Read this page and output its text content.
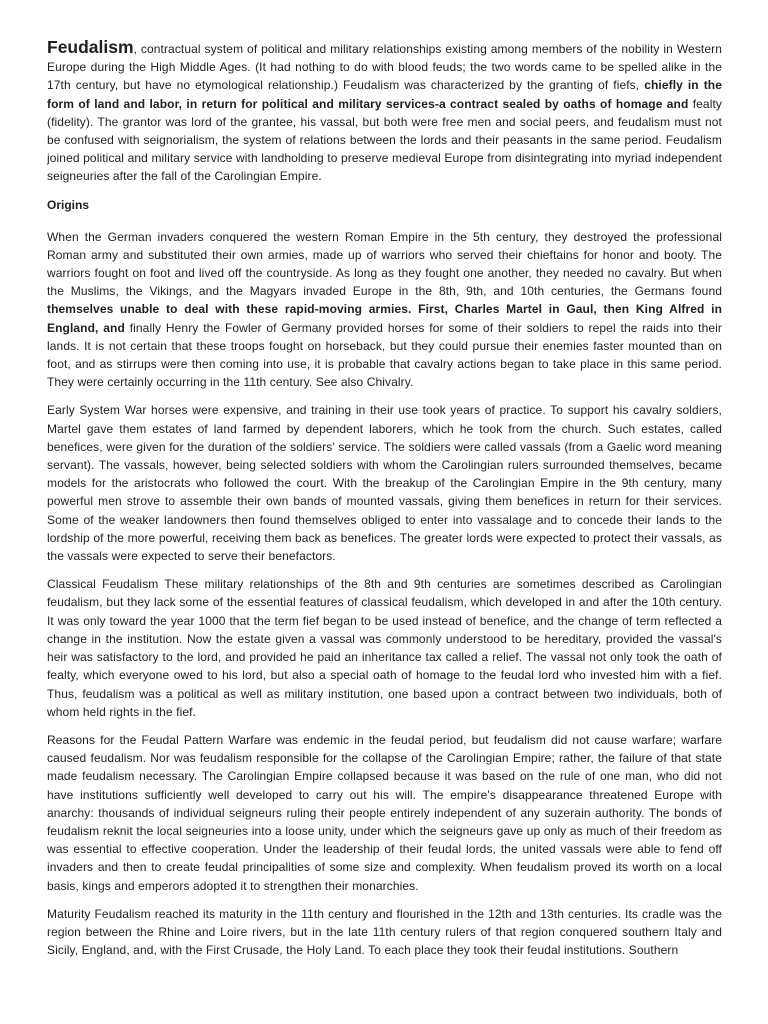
Feudalism, contractual system of political and military relationships existing among members of the nobility in Western Europe during the High Middle Ages. (It had nothing to do with blood feuds; the two words came to be spelled alike in the 17th century, but have no etymological relationship.) Feudalism was characterized by the granting of fiefs, chiefly in the form of land and labor, in return for political and military services-a contract sealed by oaths of homage and fealty (fidelity). The grantor was lord of the grantee, his vassal, but both were free men and social peers, and feudalism must not be confused with seignorialism, the system of relations between the lords and their peasants in the same period. Feudalism joined political and military service with landholding to preserve medieval Europe from disintegrating into myriad independent seigneuries after the fall of the Carolingian Empire.

Origins

When the German invaders conquered the western Roman Empire in the 5th century, they destroyed the professional Roman army and substituted their own armies, made up of warriors who served their chieftains for honor and booty. The warriors fought on foot and lived off the countryside. As long as they fought one another, they needed no cavalry. But when the Muslims, the Vikings, and the Magyars invaded Europe in the 8th, 9th, and 10th centuries, the Germans found themselves unable to deal with these rapid-moving armies. First, Charles Martel in Gaul, then King Alfred in England, and finally Henry the Fowler of Germany provided horses for some of their soldiers to repel the raids into their lands. It is not certain that these troops fought on horseback, but they could pursue their enemies faster mounted than on foot, and as stirrups were then coming into use, it is probable that cavalry actions began to take place in this same period. They were certainly occurring in the 11th century. See also Chivalry.

Early System War horses were expensive, and training in their use took years of practice. To support his cavalry soldiers, Martel gave them estates of land farmed by dependent laborers, which he took from the church. Such estates, called benefices, were given for the duration of the soldiers' service. The soldiers were called vassals (from a Gaelic word meaning servant). The vassals, however, being selected soldiers with whom the Carolingian rulers surrounded themselves, became models for the aristocrats who followed the court. With the breakup of the Carolingian Empire in the 9th century, many powerful men strove to assemble their own bands of mounted vassals, giving them benefices in return for their services. Some of the weaker landowners then found themselves obliged to enter into vassalage and to concede their lands to the lordship of the more powerful, receiving them back as benefices. The greater lords were expected to protect their vassals, as the vassals were expected to serve their benefactors.

Classical Feudalism These military relationships of the 8th and 9th centuries are sometimes described as Carolingian feudalism, but they lack some of the essential features of classical feudalism, which developed in and after the 10th century. It was only toward the year 1000 that the term fief began to be used instead of benefice, and the change of term reflected a change in the institution. Now the estate given a vassal was commonly understood to be hereditary, provided the vassal's heir was satisfactory to the lord, and provided he paid an inheritance tax called a relief. The vassal not only took the oath of fealty, which everyone owed to his lord, but also a special oath of homage to the feudal lord who invested him with a fief. Thus, feudalism was a political as well as military institution, one based upon a contract between two individuals, both of whom held rights in the fief.

Reasons for the Feudal Pattern Warfare was endemic in the feudal period, but feudalism did not cause warfare; warfare caused feudalism. Nor was feudalism responsible for the collapse of the Carolingian Empire; rather, the failure of that state made feudalism necessary. The Carolingian Empire collapsed because it was based on the rule of one man, who did not have institutions sufficiently well developed to carry out his will. The empire's disappearance threatened Europe with anarchy: thousands of individual seigneurs ruling their people entirely independent of any suzerain authority. The bonds of feudalism reknit the local seigneuries into a loose unity, under which the seigneurs gave up only as much of their freedom as was essential to effective cooperation. Under the leadership of their feudal lords, the united vassals were able to fend off invaders and then to create feudal principalities of some size and complexity. When feudalism proved its worth on a local basis, kings and emperors adopted it to strengthen their monarchies.

Maturity Feudalism reached its maturity in the 11th century and flourished in the 12th and 13th centuries. Its cradle was the region between the Rhine and Loire rivers, but in the late 11th century rulers of that region conquered southern Italy and Sicily, England, and, with the First Crusade, the Holy Land. To each place they took their feudal institutions. Southern
